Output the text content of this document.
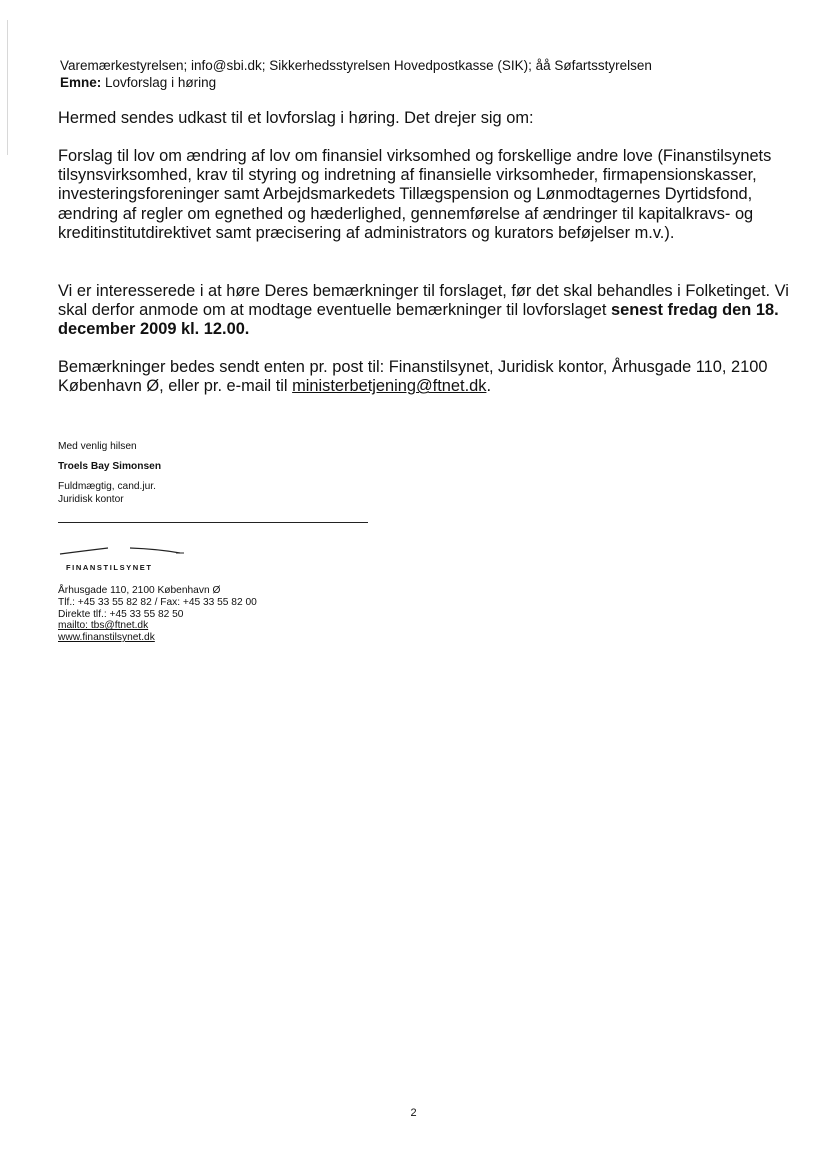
Varemærkestyrelsen; info@sbi.dk; Sikkerhedsstyrelsen Hovedpostkasse (SIK); åå Søfartsstyrelsen
Emne: Lovforslag i høring

Hermed sendes udkast til et lovforslag i høring. Det drejer sig om:

Forslag til lov om ændring af lov om finansiel virksomhed og forskellige andre love (Finanstilsynets tilsynsvirksomhed, krav til styring og indretning af finansielle virksomheder, firmapensionskasser, investeringsforeninger samt Arbejdsmarkedets Tillægspension og Lønmodtagernes Dyrtidsfond, ændring af regler om egnethed og hæderlighed, gennemførelse af ændringer til kapitalkravs- og kreditinstitutdirektivet samt præcisering af administrators og kurators beføjelser m.v.).

Vi er interesserede i at høre Deres bemærkninger til forslaget, før det skal behandles i Folketinget. Vi skal derfor anmode om at modtage eventuelle bemærkninger til lovforslaget senest fredag den 18. december 2009 kl. 12.00.

Bemærkninger bedes sendt enten pr. post til: Finanstilsynet, Juridisk kontor, Århusgade 110, 2100 København Ø, eller pr. e-mail til ministerbetjening@ftnet.dk.

Med venlig hilsen
Troels Bay Simonsen
Fuldmægtig, cand.jur.
Juridisk kontor
FINANSTILSYNET
Århusgade 110, 2100 København Ø
Tlf.: +45 33 55 82 82 / Fax: +45 33 55 82 00
Direkte tlf.: +45 33 55 82 50
mailto: tbs@ftnet.dk
www.finanstilsynet.dk
2
